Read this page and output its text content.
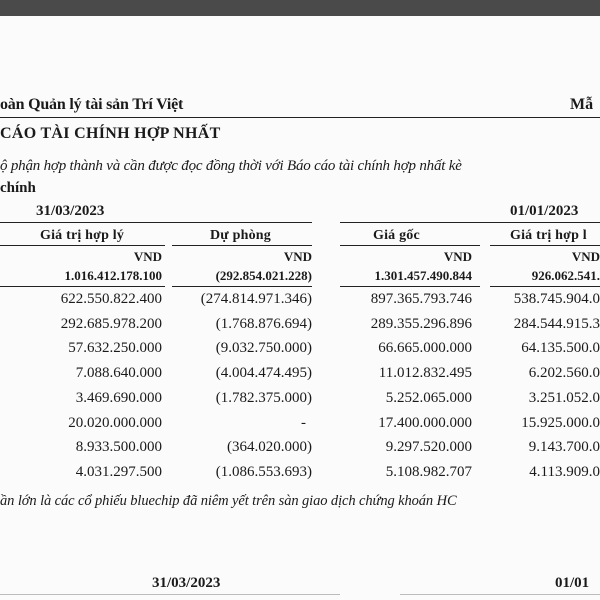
oàn Quản lý tài sản Trí Việt	Mẫ
CÁO TÀI CHÍNH HỢP NHẤT
ộ phận hợp thành và cần được đọc đồng thời với Báo cáo tài chính hợp nhất kè
chính
31/03/2023	01/01/2023
Giá trị hợp lý	Dự phòng	Giá gốc	Giá trị hợp l
VND	VND	VND	VND
1.016.412.178.100	(292.854.021.228)	1.301.457.490.844	926.062.541.
622.550.822.400	(274.814.971.346)	897.365.793.746	538.745.904.0
292.685.978.200	(1.768.876.694)	289.355.296.896	284.544.915.3
57.632.250.000	(9.032.750.000)	66.665.000.000	64.135.500.0
7.088.640.000	(4.004.474.495)	11.012.832.495	6.202.560.0
3.469.690.000	(1.782.375.000)	5.252.065.000	3.251.052.0
20.020.000.000	-	17.400.000.000	15.925.000.0
8.933.500.000	(364.020.000)	9.297.520.000	9.143.700.0
4.031.297.500	(1.086.553.693)	5.108.982.707	4.113.909.0
ần lớn là các cổ phiếu bluechip đã niêm yết trên sàn giao dịch chứng khoán HC
31/03/2023	01/01
